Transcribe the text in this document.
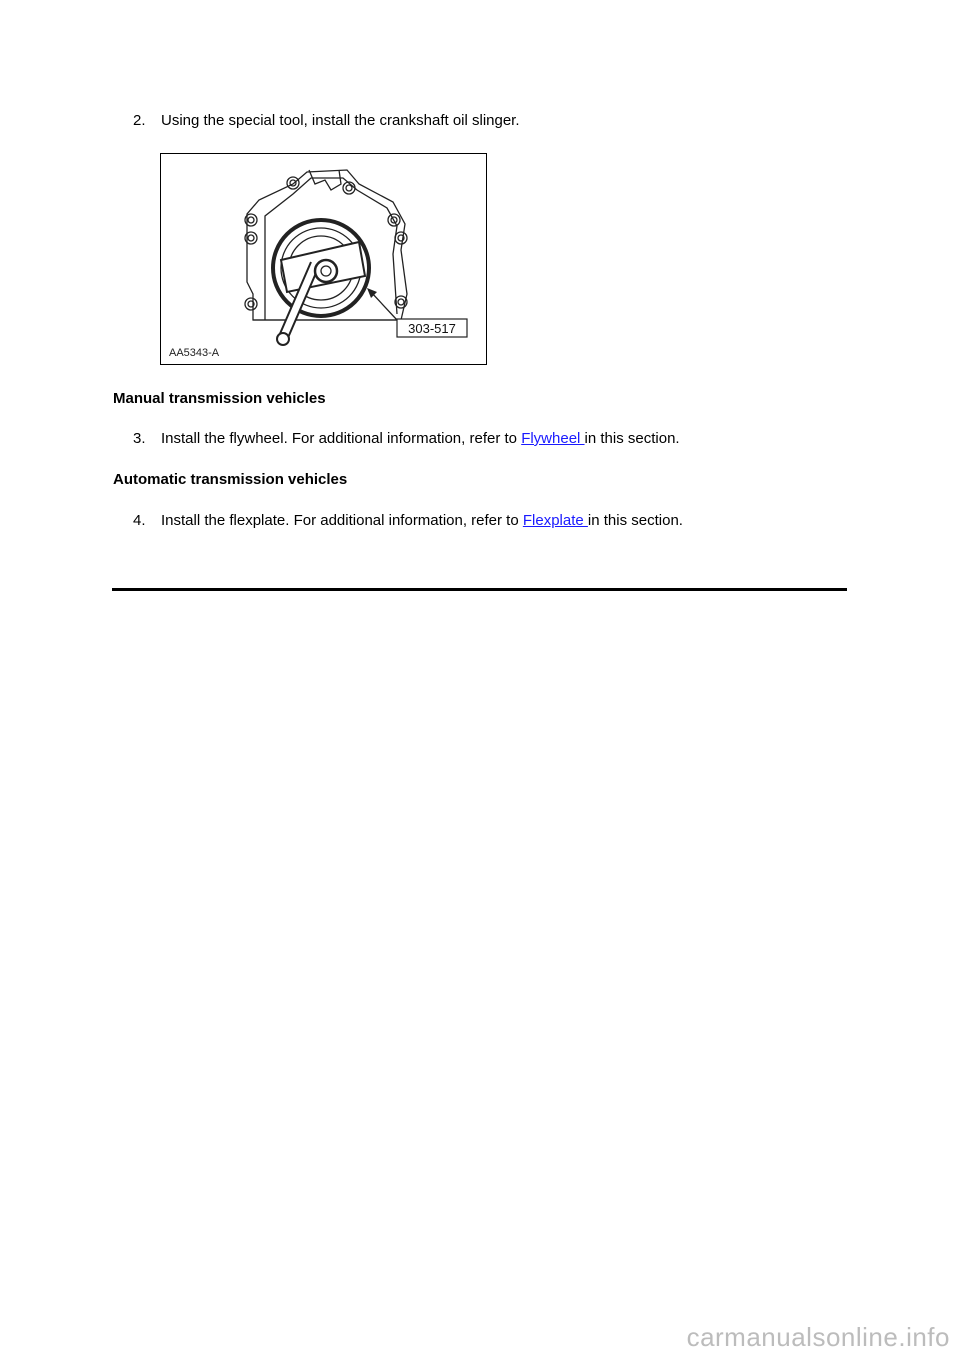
2. Using the special tool, install the crankshaft oil slinger.
303-517
AA5343-A
Manual transmission vehicles
3. Install the flywheel. For additional information, refer to Flywheel in this section.
Automatic transmission vehicles
4. Install the flexplate. For additional information, refer to Flexplate in this section.
carmanualsonline.info
